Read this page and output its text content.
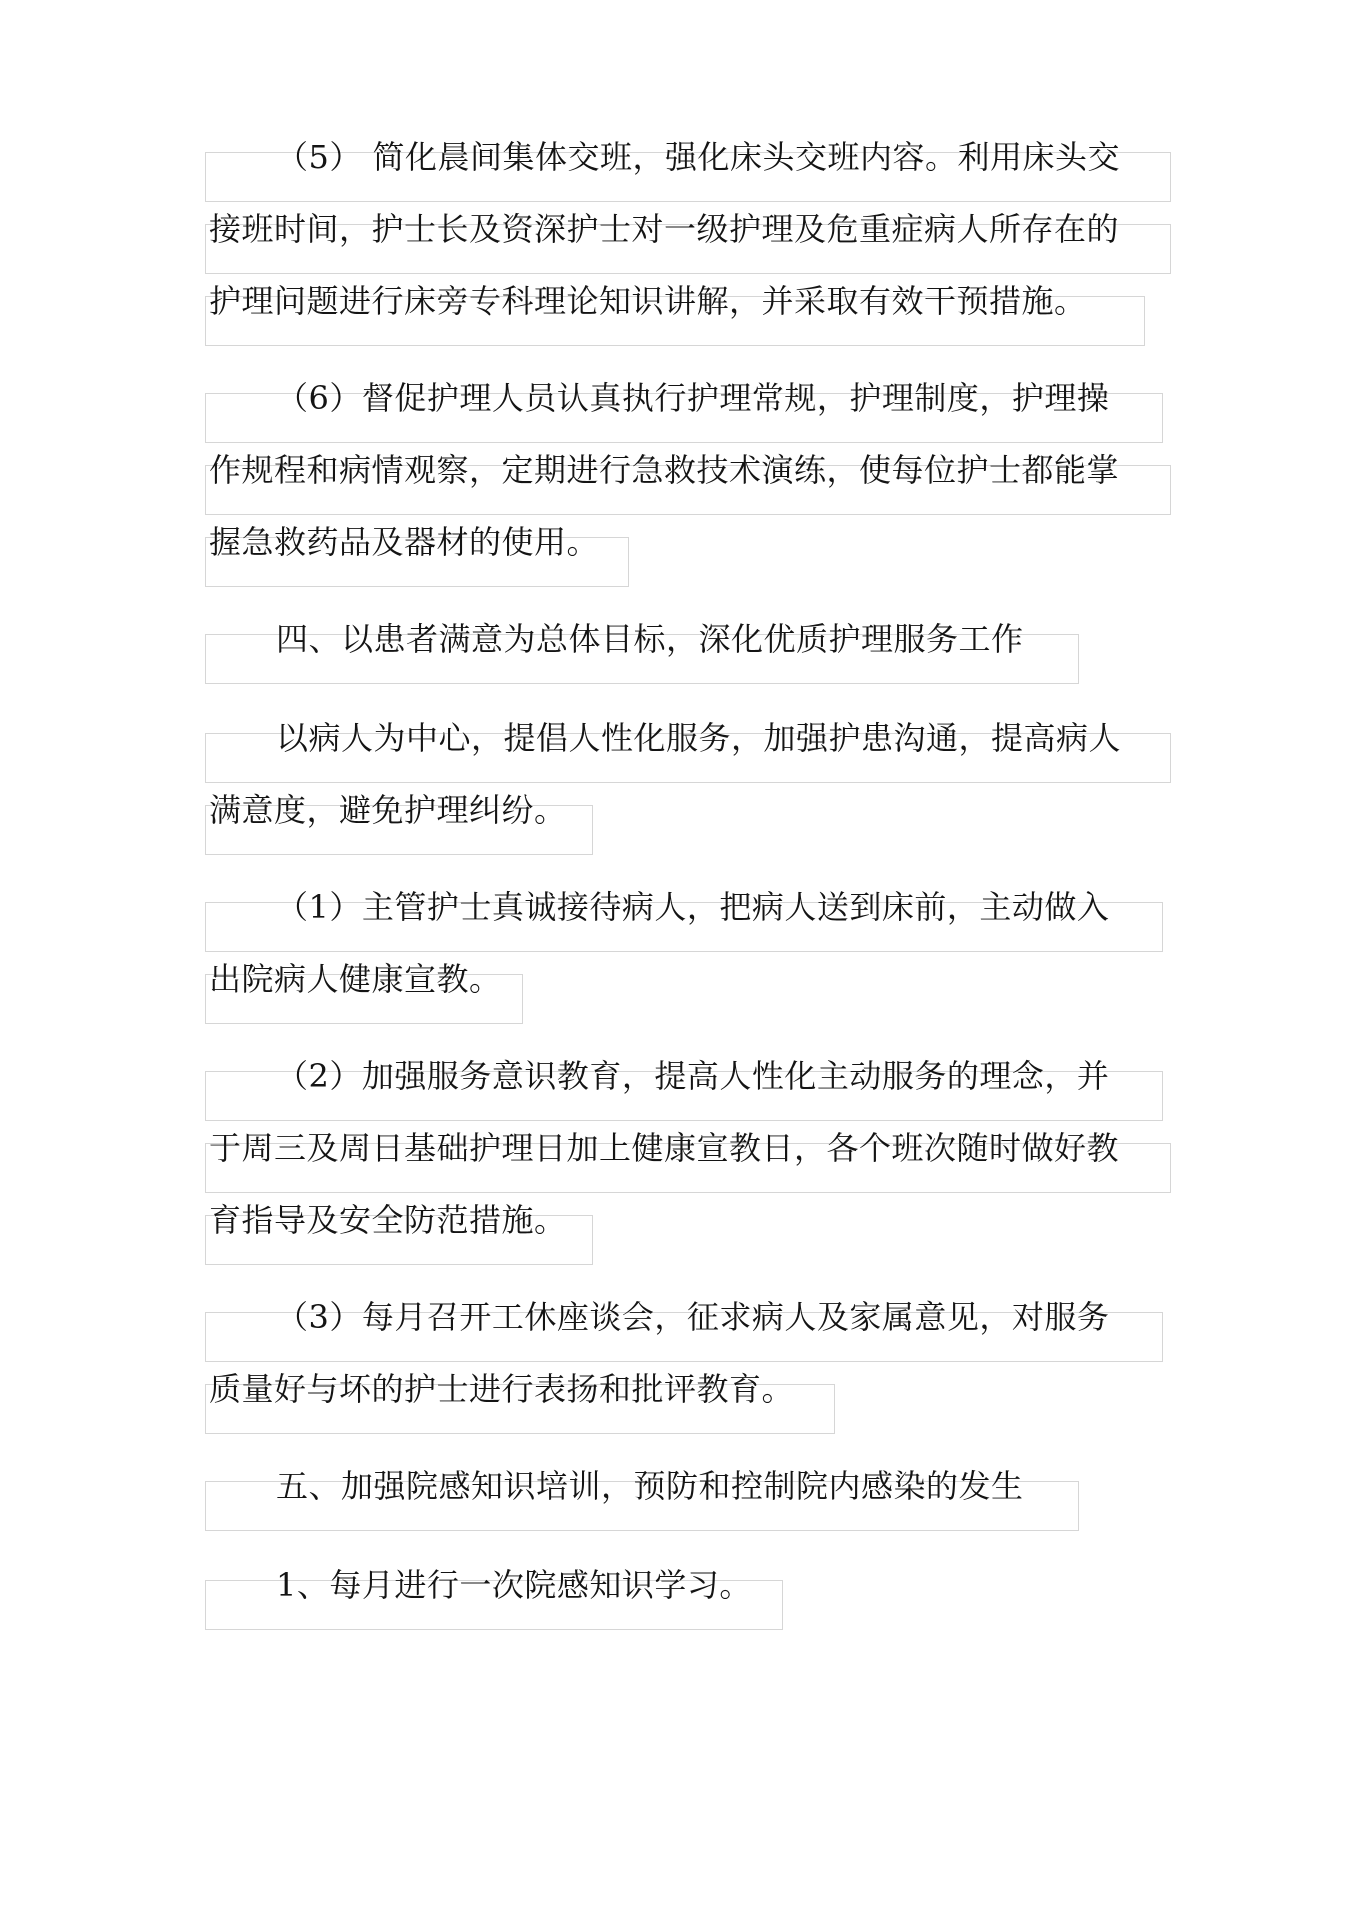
（5） 简化晨间集体交班，强化床头交班内容。利用床头交
接班时间，护士长及资深护士对一级护理及危重症病人所存在的
护理问题进行床旁专科理论知识讲解，并采取有效干预措施。
（6）督促护理人员认真执行护理常规，护理制度，护理操
作规程和病情观察，定期进行急救技术演练，使每位护士都能掌
握急救药品及器材的使用。
四、以患者满意为总体目标，深化优质护理服务工作
以病人为中心，提倡人性化服务，加强护患沟通，提高病人
满意度，避免护理纠纷。
（1）主管护士真诚接待病人，把病人送到床前，主动做入
出院病人健康宣教。
（2）加强服务意识教育，提高人性化主动服务的理念，并
于周三及周日基础护理日加上健康宣教日，各个班次随时做好教
育指导及安全防范措施。
（3）每月召开工休座谈会，征求病人及家属意见，对服务
质量好与坏的护士进行表扬和批评教育。
五、加强院感知识培训，预防和控制院内感染的发生
1、每月进行一次院感知识学习。
